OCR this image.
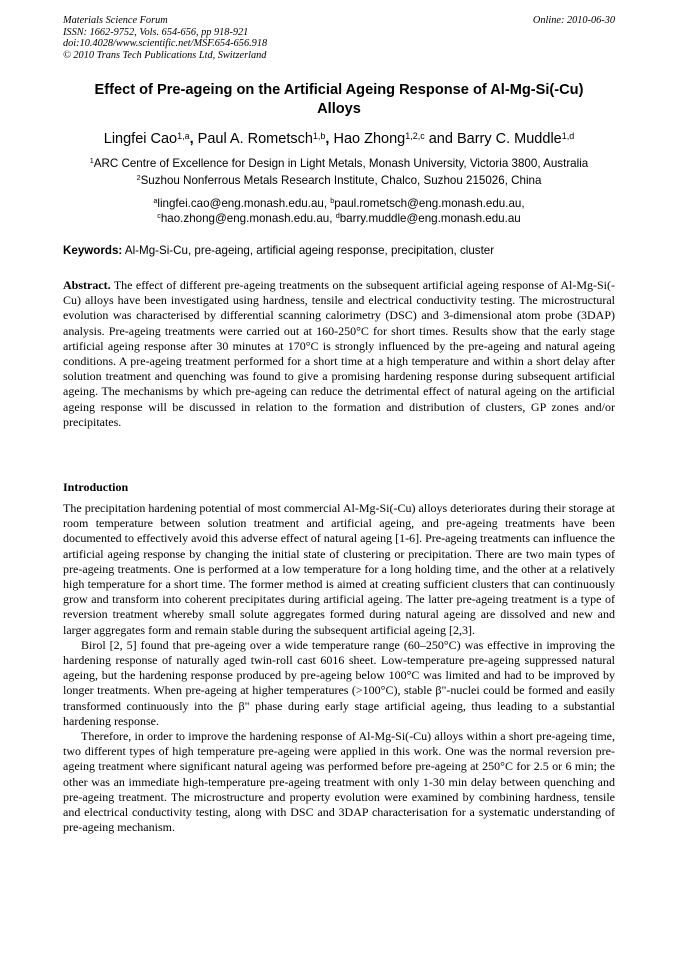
Materials Science Forum
ISSN: 1662-9752, Vols. 654-656, pp 918-921
doi:10.4028/www.scientific.net/MSF.654-656.918
© 2010 Trans Tech Publications Ltd, Switzerland
Online: 2010-06-30
Effect of Pre-ageing on the Artificial Ageing Response of Al-Mg-Si(-Cu)
Alloys
Lingfei Cao$^{1,a}$, Paul A. Rometsch$^{1,b}$, Hao Zhong$^{1,2,c}$ and Barry C. Muddle$^{1,d}$
$^1$ARC Centre of Excellence for Design in Light Metals, Monash University, Victoria 3800, Australia
$^2$Suzhou Nonferrous Metals Research Institute, Chalco, Suzhou 215026, China
$^a$lingfei.cao@eng.monash.edu.au, $^b$paul.rometsch@eng.monash.edu.au,
$^c$hao.zhong@eng.monash.edu.au, $^d$barry.muddle@eng.monash.edu.au
Keywords: Al-Mg-Si-Cu, pre-ageing, artificial ageing response, precipitation, cluster
Abstract. The effect of different pre-ageing treatments on the subsequent artificial ageing response of Al-Mg-Si(-Cu) alloys have been investigated using hardness, tensile and electrical conductivity testing. The microstructural evolution was characterised by differential scanning calorimetry (DSC) and 3-dimensional atom probe (3DAP) analysis. Pre-ageing treatments were carried out at 160-250°C for short times. Results show that the early stage artificial ageing response after 30 minutes at 170°C is strongly influenced by the pre-ageing and natural ageing conditions. A pre-ageing treatment performed for a short time at a high temperature and within a short delay after solution treatment and quenching was found to give a promising hardening response during subsequent artificial ageing. The mechanisms by which pre-ageing can reduce the detrimental effect of natural ageing on the artificial ageing response will be discussed in relation to the formation and distribution of clusters, GP zones and/or precipitates.
Introduction

The precipitation hardening potential of most commercial Al-Mg-Si(-Cu) alloys deteriorates during their storage at room temperature between solution treatment and artificial ageing, and pre-ageing treatments have been documented to effectively avoid this adverse effect of natural ageing [1-6]. Pre-ageing treatments can influence the artificial ageing response by changing the initial state of clustering or precipitation. There are two main types of pre-ageing treatments. One is performed at a low temperature for a long holding time, and the other at a relatively high temperature for a short time. The former method is aimed at creating sufficient clusters that can continuously grow and transform into coherent precipitates during artificial ageing. The latter pre-ageing treatment is a type of reversion treatment whereby small solute aggregates formed during natural ageing are dissolved and new and larger aggregates form and remain stable during the subsequent artificial ageing [2,3].

Birol [2, 5] found that pre-ageing over a wide temperature range (60–250°C) was effective in improving the hardening response of naturally aged twin-roll cast 6016 sheet. Low-temperature pre-ageing suppressed natural ageing, but the hardening response produced by pre-ageing below 100°C was limited and had to be improved by longer treatments. When pre-ageing at higher temperatures (>100°C), stable β"-nuclei could be formed and easily transformed continuously into the β" phase during early stage artificial ageing, thus leading to a substantial hardening response.

Therefore, in order to improve the hardening response of Al-Mg-Si(-Cu) alloys within a short pre-ageing time, two different types of high temperature pre-ageing were applied in this work. One was the normal reversion pre-ageing treatment where significant natural ageing was performed before pre-ageing at 250°C for 2.5 or 6 min; the other was an immediate high-temperature pre-ageing treatment with only 1-30 min delay between quenching and pre-ageing treatment. The microstructure and property evolution were examined by combining hardness, tensile and electrical conductivity testing, along with DSC and 3DAP characterisation for a systematic understanding of pre-ageing mechanism.
